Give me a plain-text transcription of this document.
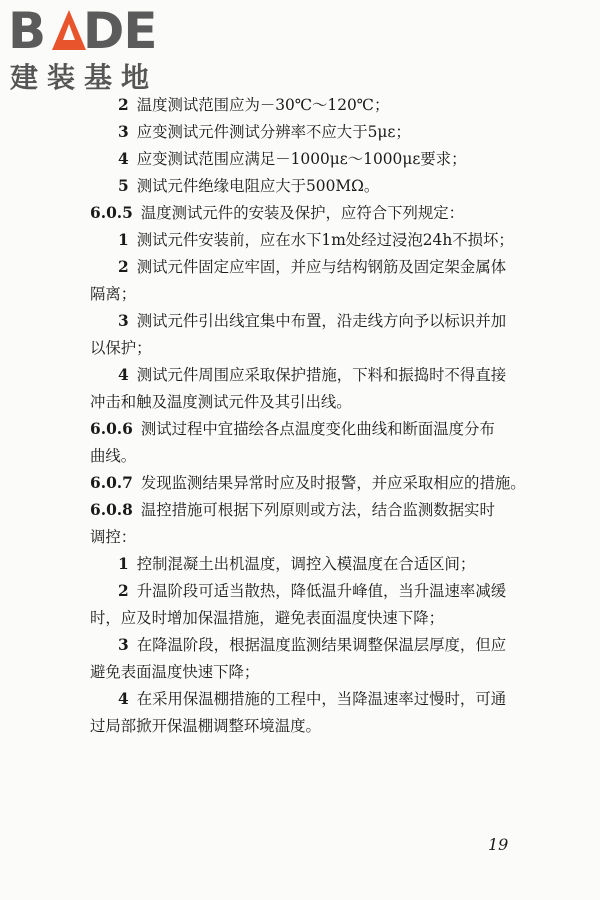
B DE
建装基地
2 温度测试范围应为－30℃～120℃；
3 应变测试元件测试分辨率不应大于5με；
4 应变测试范围应满足－1000με～1000με要求；
5 测试元件绝缘电阻应大于500MΩ。
6.0.5 温度测试元件的安装及保护，应符合下列规定：
1 测试元件安装前，应在水下1m处经过浸泡24h不损坏；
2 测试元件固定应牢固，并应与结构钢筋及固定架金属体
隔离；
3 测试元件引出线宜集中布置，沿走线方向予以标识并加
以保护；
4 测试元件周围应采取保护措施，下料和振捣时不得直接
冲击和触及温度测试元件及其引出线。
6.0.6 测试过程中宜描绘各点温度变化曲线和断面温度分布
曲线。
6.0.7 发现监测结果异常时应及时报警，并应采取相应的措施。
6.0.8 温控措施可根据下列原则或方法，结合监测数据实时
调控：
1 控制混凝土出机温度，调控入模温度在合适区间；
2 升温阶段可适当散热，降低温升峰值，当升温速率减缓
时，应及时增加保温措施，避免表面温度快速下降；
3 在降温阶段，根据温度监测结果调整保温层厚度，但应
避免表面温度快速下降；
4 在采用保温棚措施的工程中，当降温速率过慢时，可通
过局部掀开保温棚调整环境温度。
19
